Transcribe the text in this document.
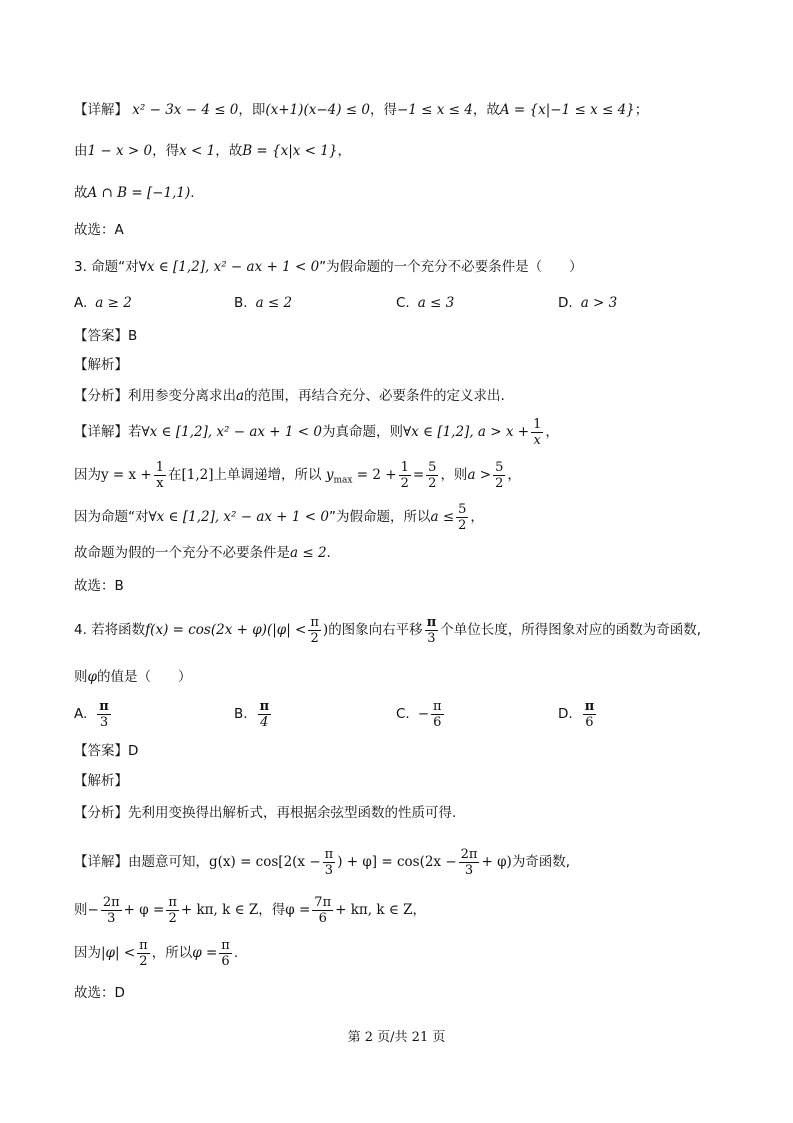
【详解】 x² − 3x − 4 ≤ 0，即(x+1)(x−4) ≤ 0，得−1 ≤ x ≤ 4，故A = {x|−1 ≤ x ≤ 4}；
由1 − x > 0，得x < 1，故B = {x|x < 1}，
故A ∩ B = [−1,1).
故选：A
3. 命题“对∀x ∈ [1,2], x² − ax + 1 < 0”为假命题的一个充分不必要条件是（　　）
A. a ≥ 2	B. a ≤ 2	C. a ≤ 3	D. a > 3
【答案】B
【解析】
【分析】利用参变分离求出a的范围，再结合充分、必要条件的定义求出.
【详解】若∀x ∈ [1,2], x² − ax + 1 < 0为真命题，则∀x ∈ [1,2], $a > x + \frac{1}{x}$ ，
因为$y = x + \frac{1}{x}$ 在[1,2]上单调递增，所以 $y_{max} = 2 + \frac{1}{2} = \frac{5}{2}$ ，则$a > \frac{5}{2}$ ，
因为命题“对∀x ∈ [1,2], x² − ax + 1 < 0”为假命题，所以$a \le \frac{5}{2}$ ，
故命题为假的一个充分不必要条件是a ≤ 2.
故选：B
4. 若将函数$f(x) = \cos(2x + \varphi)(|\varphi| < \frac{\pi}{2}$ )的图象向右平移 $\frac{\pi}{3}$ 个单位长度，所得图象对应的函数为奇函数,
则φ的值是（　　）
A. $\frac{\pi}{3}$	B. $\frac{\pi}{4}$	C. − $\frac{\pi}{6}$	D. $\frac{\pi}{6}$
【答案】D
【解析】
【分析】先利用变换得出解析式，再根据余弦型函数的性质可得.
【详解】由题意可知，$g(x) = \cos[2(x - \frac{\pi}{3}$ ) + $\varphi] = \cos(2x - \frac{2\pi}{3} + \varphi)$为奇函数,
则− $\frac{2\pi}{3} + \varphi = \frac{\pi}{2} + k\pi$, k ∈ Z，得$\varphi = \frac{7\pi}{6} + k\pi$, k ∈ Z，
因为$|\varphi| < \frac{\pi}{2}$ ，所以$\varphi = \frac{\pi}{6}$ .
故选：D
第 2 页/共 21 页
